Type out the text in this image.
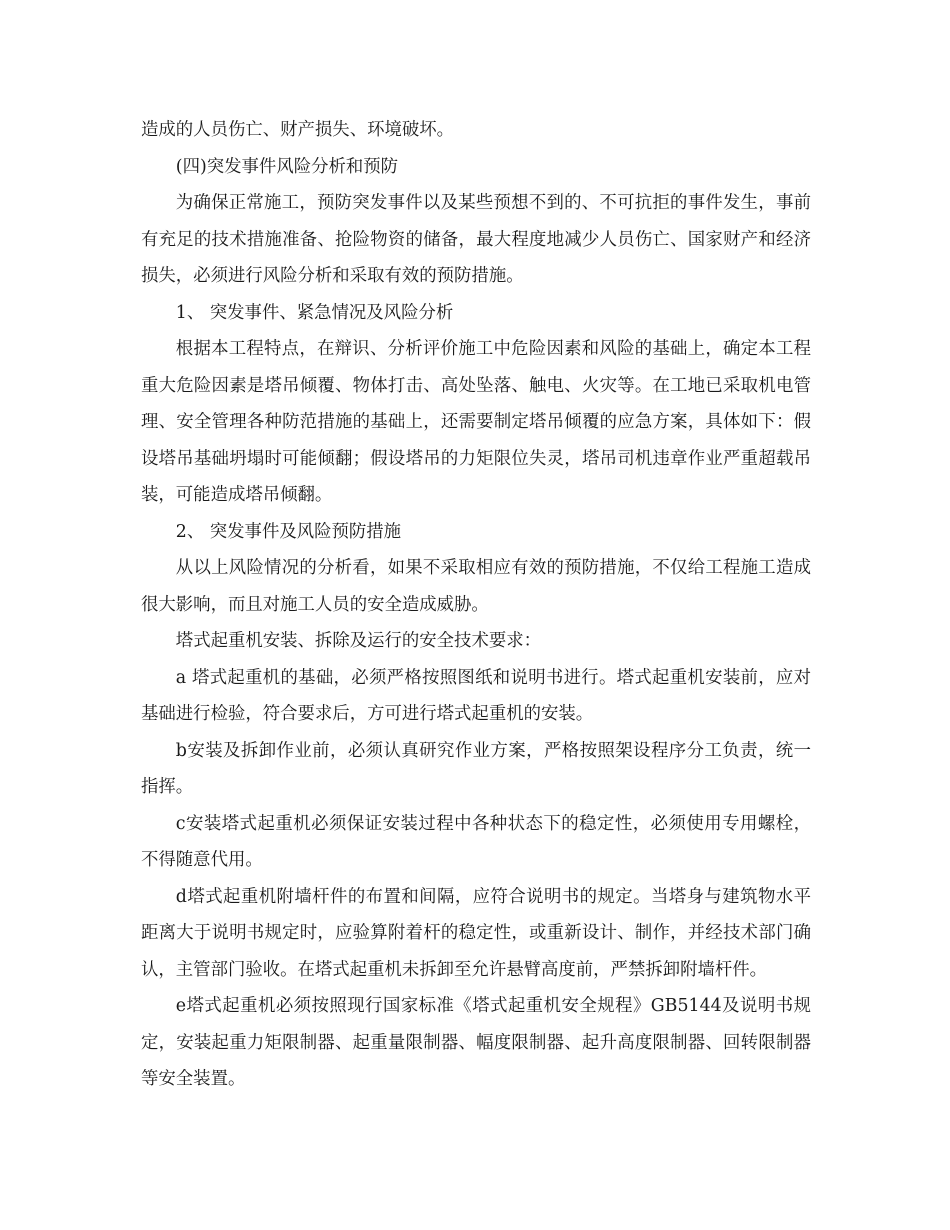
造成的人员伤亡、财产损失、环境破坏。

(四)突发事件风险分析和预防

为确保正常施工，预防突发事件以及某些预想不到的、不可抗拒的事件发生，事前有充足的技术措施准备、抢险物资的储备，最大程度地减少人员伤亡、国家财产和经济损失，必须进行风险分析和采取有效的预防措施。

1、 突发事件、紧急情况及风险分析

根据本工程特点，在辩识、分析评价施工中危险因素和风险的基础上，确定本工程重大危险因素是塔吊倾覆、物体打击、高处坠落、触电、火灾等。在工地已采取机电管理、安全管理各种防范措施的基础上，还需要制定塔吊倾覆的应急方案，具体如下：假设塔吊基础坍塌时可能倾翻；假设塔吊的力矩限位失灵，塔吊司机违章作业严重超载吊装，可能造成塔吊倾翻。

2、 突发事件及风险预防措施

从以上风险情况的分析看，如果不采取相应有效的预防措施，不仅给工程施工造成很大影响，而且对施工人员的安全造成威胁。

塔式起重机安装、拆除及运行的安全技术要求：

a 塔式起重机的基础，必须严格按照图纸和说明书进行。塔式起重机安装前，应对基础进行检验，符合要求后，方可进行塔式起重机的安装。

b安装及拆卸作业前，必须认真研究作业方案，严格按照架设程序分工负责，统一指挥。

c安装塔式起重机必须保证安装过程中各种状态下的稳定性，必须使用专用螺栓，不得随意代用。

d塔式起重机附墙杆件的布置和间隔，应符合说明书的规定。当塔身与建筑物水平距离大于说明书规定时，应验算附着杆的稳定性，或重新设计、制作，并经技术部门确认，主管部门验收。在塔式起重机未拆卸至允许悬臂高度前，严禁拆卸附墙杆件。

e塔式起重机必须按照现行国家标准《塔式起重机安全规程》GB5144及说明书规定，安装起重力矩限制器、起重量限制器、幅度限制器、起升高度限制器、回转限制器等安全装置。
